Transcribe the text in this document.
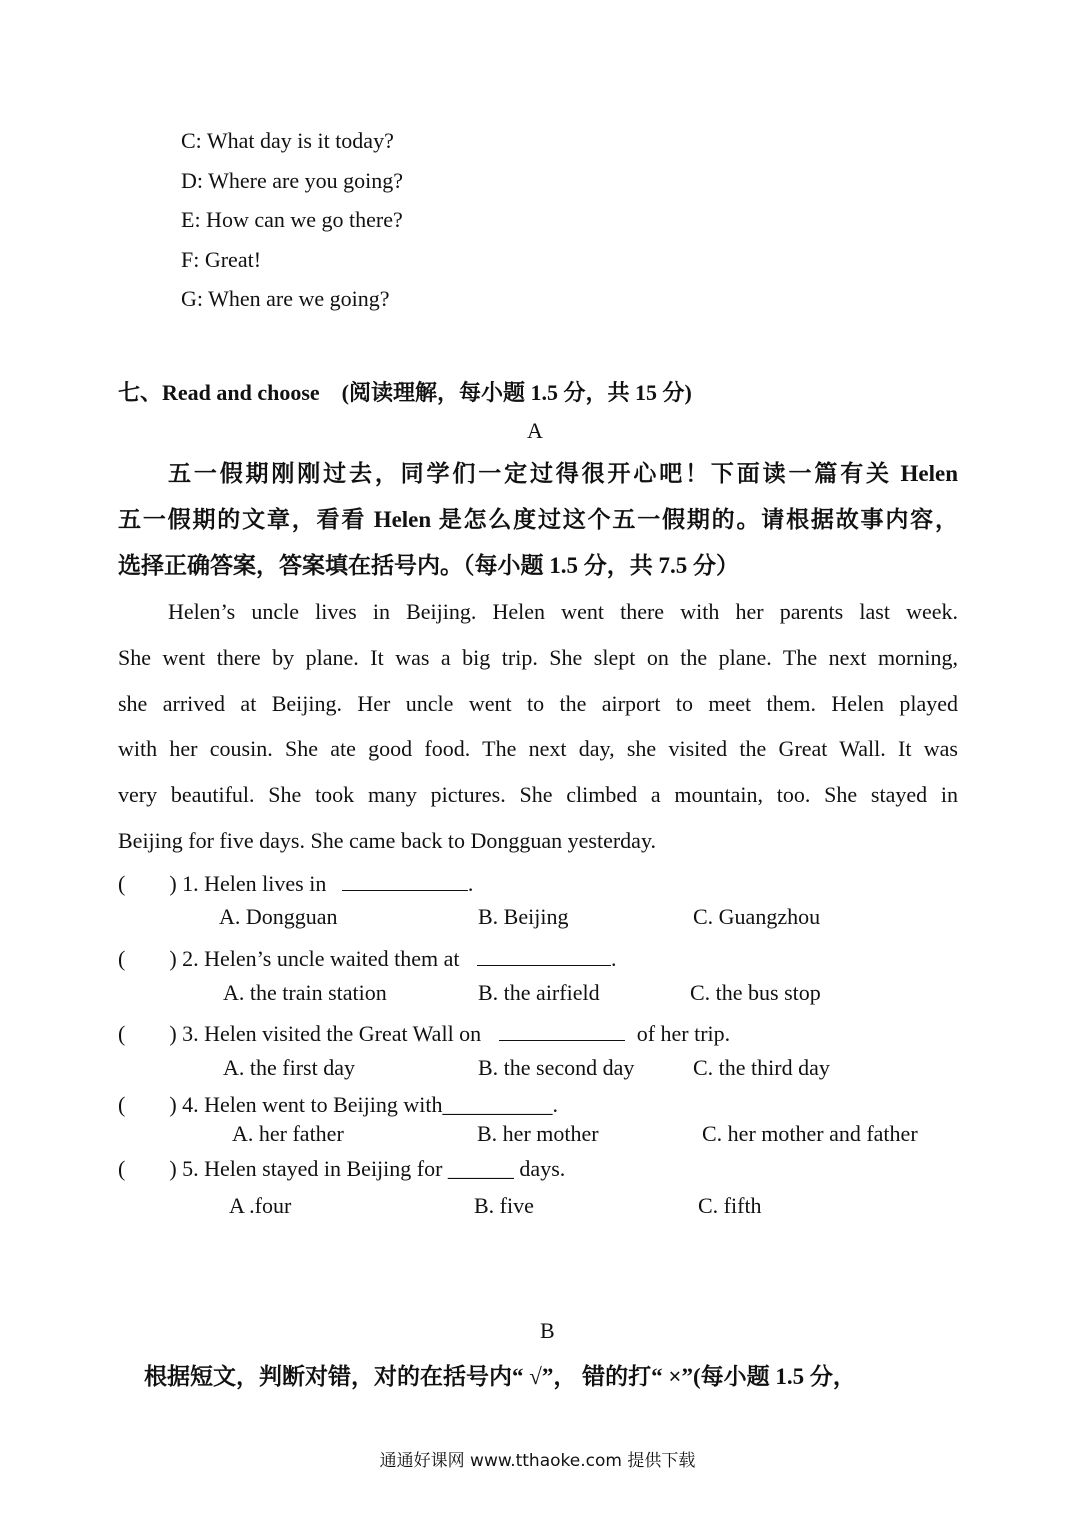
C: What day is it today?
D: Where are you going?
E: How can we go there?
F: Great!
G: When are we going?
七、Read and choose　(阅读理解，每小题 1.5 分，共 15 分)
A
五一假期刚刚过去，同学们一定过得很开心吧！下面读一篇有关 Helen
五一假期的文章，看看 Helen 是怎么度过这个五一假期的。请根据故事内容，
选择正确答案，答案填在括号内。（每小题 1.5 分，共 7.5 分）
Helen’s uncle lives in Beijing. Helen went there with her parents last week.
She went there by plane. It was a big trip. She slept on the plane. The next morning,
she arrived at Beijing. Her uncle went to the airport to meet them. Helen played
with her cousin. She ate good food. The next day, she visited the Great Wall. It was
very beautiful. She took many pictures. She climbed a mountain, too. She stayed in
Beijing for five days. She came back to Dongguan yesterday.
(　　) 1. Helen lives in	.
A. Dongguan	B. Beijing	C. Guangzhou
(　　) 2. Helen’s uncle waited them at	.
A. the train station	B. the airfield	C. the bus stop
(　　) 3. Helen visited the Great Wall on	of her trip.
A. the first day	B. the second day	C. the third day
(　　) 4. Helen went to Beijing with__________.
A. her father	B. her mother	C. her mother and father
(　　) 5. Helen stayed in Beijing for ______ days.
A .four	B. five	C. fifth
B
根据短文，判断对错，对的在括号内“ √”， 错的打“ ×”(每小题 1.5 分，
通通好课网 www.tthaoke.com 提供下载
